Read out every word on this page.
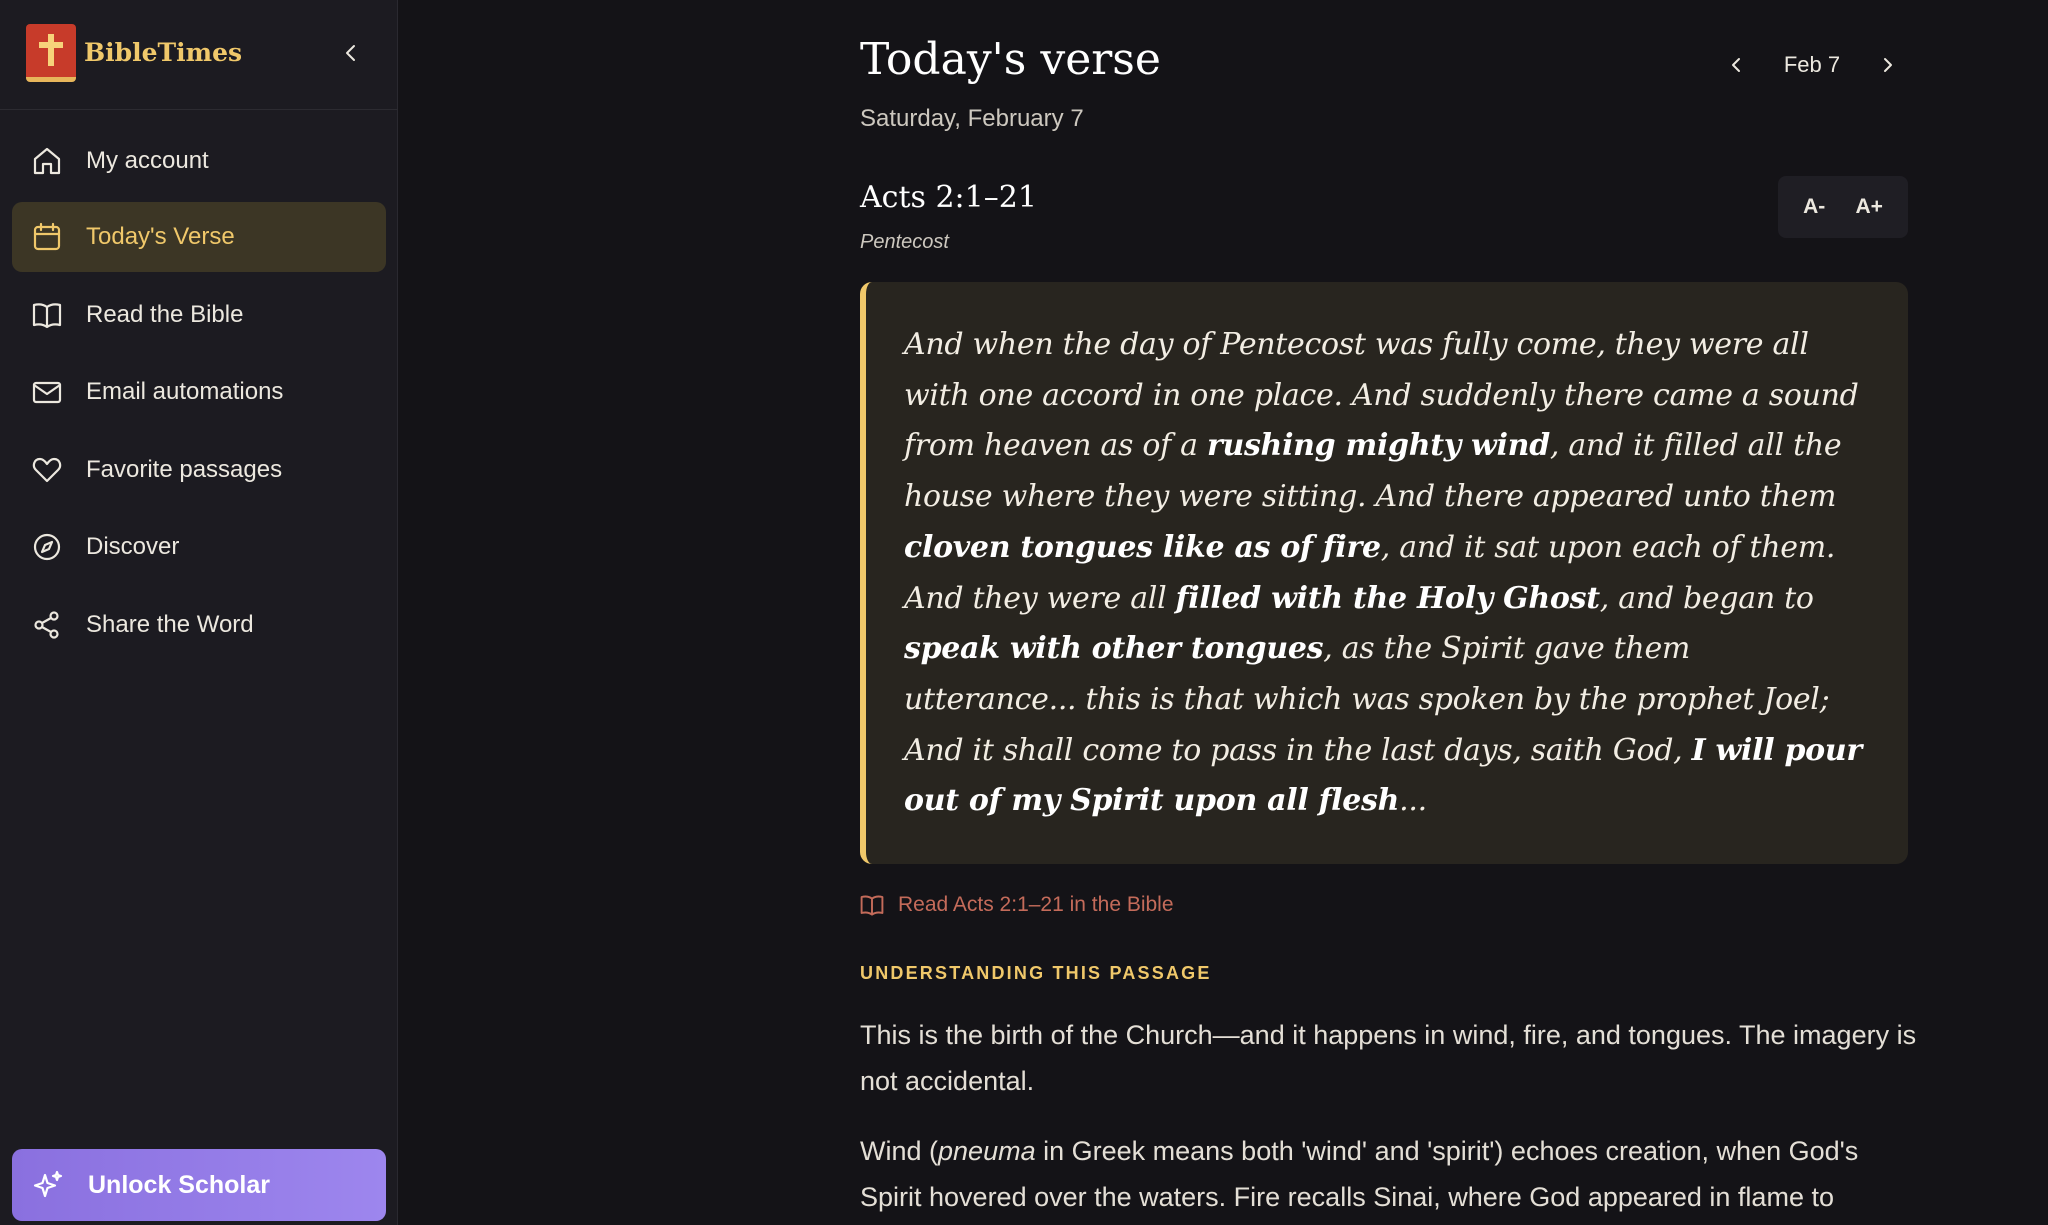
BibleTimes
My account
Today's Verse
Read the Bible
Email automations
Favorite passages
Discover
Share the Word
Unlock Scholar
Today's verse
Saturday, February 7
Feb 7
Acts 2:1–21
Pentecost
A- A+

And when the day of Pentecost was fully come, they were all with one accord in one place. And suddenly there came a sound from heaven as of a rushing mighty wind, and it filled all the house where they were sitting. And there appeared unto them cloven tongues like as of fire, and it sat upon each of them. And they were all filled with the Holy Ghost, and began to speak with other tongues, as the Spirit gave them utterance... this is that which was spoken by the prophet Joel; And it shall come to pass in the last days, saith God, I will pour out of my Spirit upon all flesh...

Read Acts 2:1–21 in the Bible
UNDERSTANDING THIS PASSAGE
This is the birth of the Church—and it happens in wind, fire, and tongues. The imagery is not accidental.
Wind (pneuma in Greek means both 'wind' and 'spirit') echoes creation, when God's Spirit hovered over the waters. Fire recalls Sinai, where God appeared in flame to
